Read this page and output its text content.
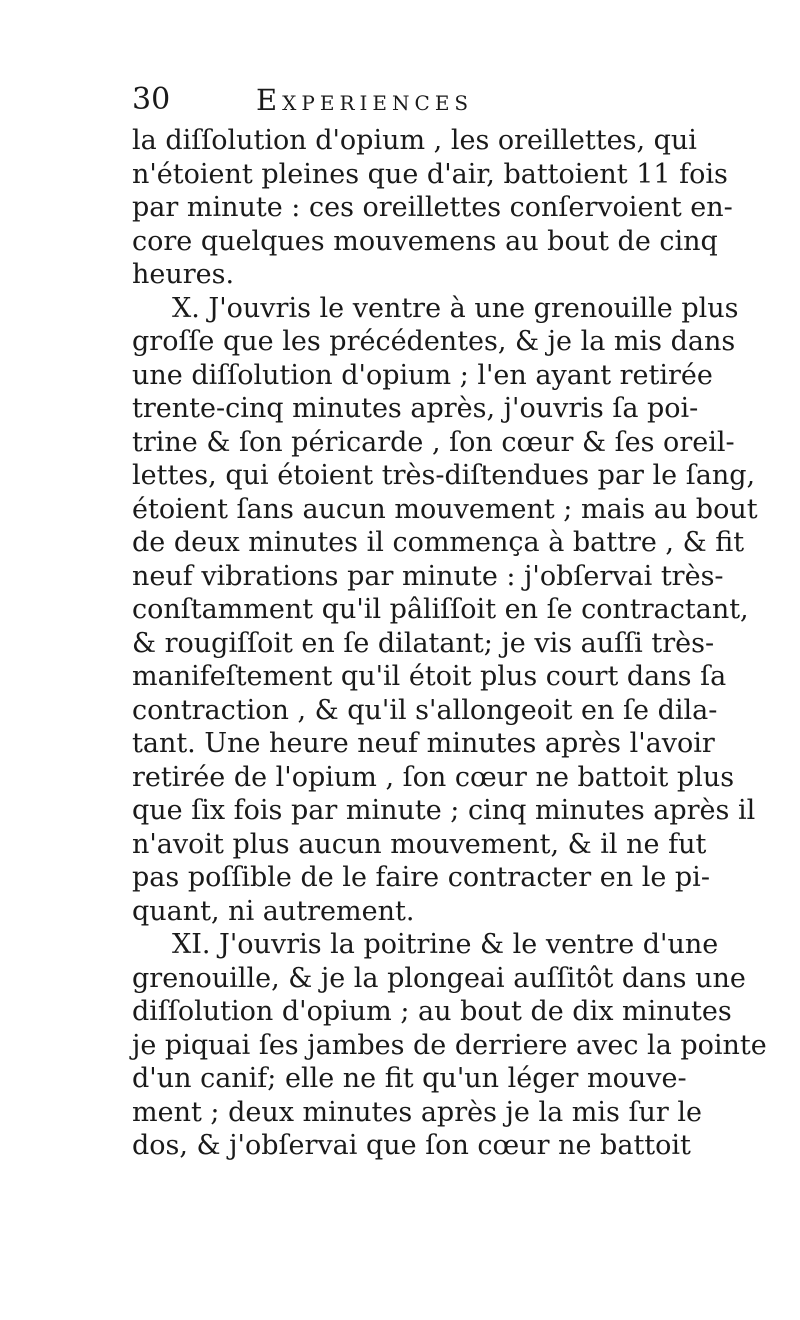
30	Experiences
la diſſolution d'opium , les oreillettes, qui
n'étoient pleines que d'air, battoient 11 fois
par minute : ces oreillettes conſervoient en-
core quelques mouvemens au bout de cinq
heures.
X. J'ouvris le ventre à une grenouille plus
groſſe que les précédentes, & je la mis dans
une diſſolution d'opium ; l'en ayant retirée
trente-cinq minutes après, j'ouvris ſa poi-
trine & ſon péricarde , ſon cœur & ſes oreil-
lettes, qui étoient très-diſtendues par le ſang,
étoient ſans aucun mouvement ; mais au bout
de deux minutes il commença à battre , & fit
neuf vibrations par minute : j'obſervai très-
conſtamment qu'il pâliſſoit en ſe contractant,
& rougiſſoit en ſe dilatant; je vis auſſi très-
manifeſtement qu'il étoit plus court dans ſa
contraction , & qu'il s'allongeoit en ſe dila-
tant. Une heure neuf minutes après l'avoir
retirée de l'opium , ſon cœur ne battoit plus
que ſix fois par minute ; cinq minutes après il
n'avoit plus aucun mouvement, & il ne fut
pas poſſible de le faire contracter en le pi-
quant, ni autrement.
XI. J'ouvris la poitrine & le ventre d'une
grenouille, & je la plongeai auſſitôt dans une
diſſolution d'opium ; au bout de dix minutes
je piquai ſes jambes de derriere avec la pointe
d'un canif; elle ne fit qu'un léger mouve-
ment ; deux minutes après je la mis ſur le
dos, & j'obſervai que ſon cœur ne battoit
